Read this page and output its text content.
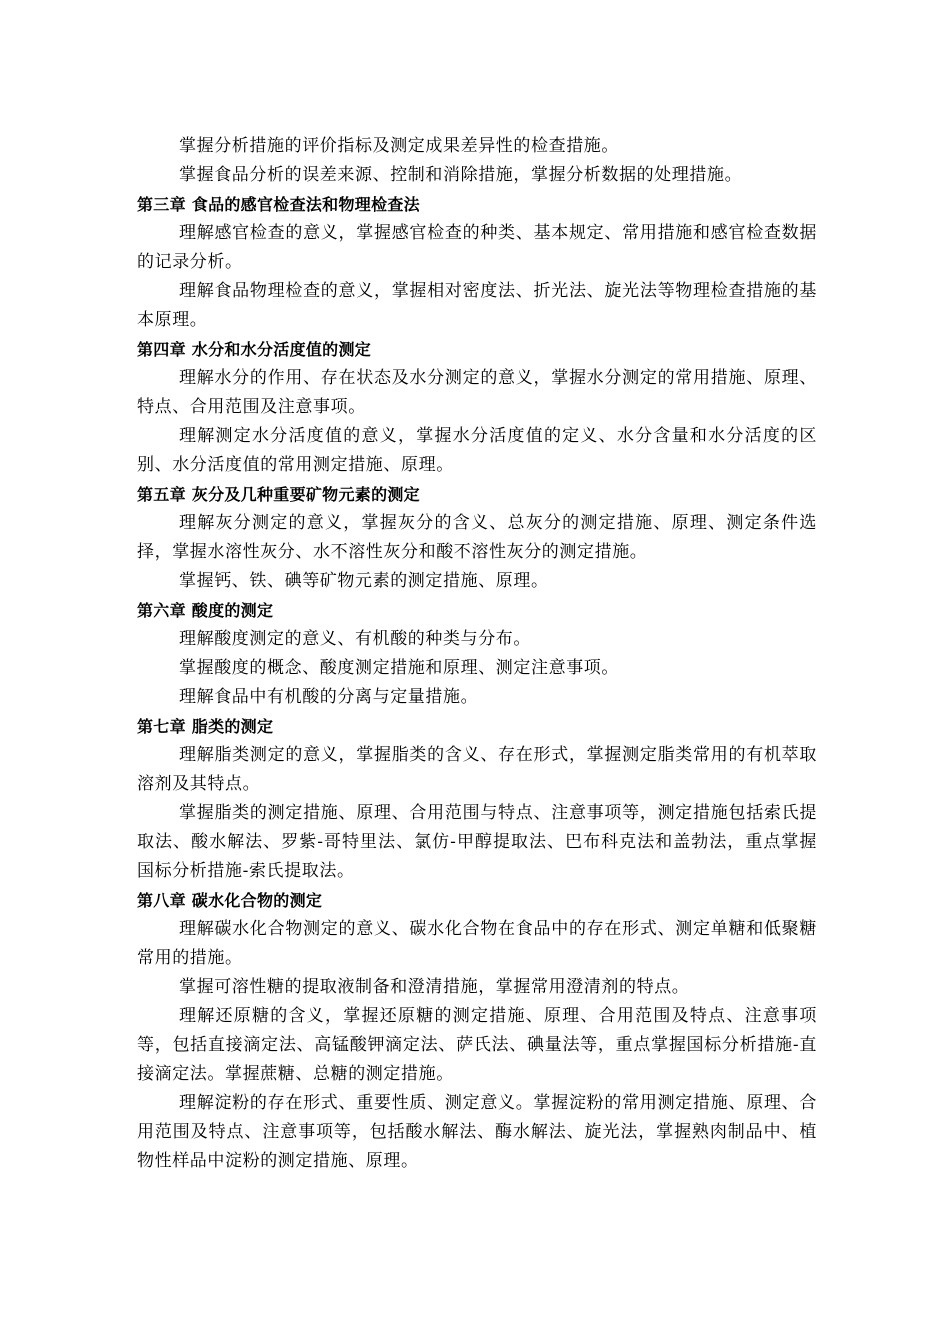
掌握分析措施的评价指标及测定成果差异性的检查措施。

掌握食品分析的误差来源、控制和消除措施，掌握分析数据的处理措施。

第三章 食品的感官检查法和物理检查法

理解感官检查的意义，掌握感官检查的种类、基本规定、常用措施和感官检查数据的记录分析。

理解食品物理检查的意义，掌握相对密度法、折光法、旋光法等物理检查措施的基本原理。

第四章 水分和水分活度值的测定

理解水分的作用、存在状态及水分测定的意义，掌握水分测定的常用措施、原理、特点、合用范围及注意事项。

理解测定水分活度值的意义，掌握水分活度值的定义、水分含量和水分活度的区别、水分活度值的常用测定措施、原理。

第五章 灰分及几种重要矿物元素的测定

理解灰分测定的意义，掌握灰分的含义、总灰分的测定措施、原理、测定条件选择，掌握水溶性灰分、水不溶性灰分和酸不溶性灰分的测定措施。

掌握钙、铁、碘等矿物元素的测定措施、原理。

第六章 酸度的测定

理解酸度测定的意义、有机酸的种类与分布。

掌握酸度的概念、酸度测定措施和原理、测定注意事项。

理解食品中有机酸的分离与定量措施。

第七章 脂类的测定

理解脂类测定的意义，掌握脂类的含义、存在形式，掌握测定脂类常用的有机萃取溶剂及其特点。

掌握脂类的测定措施、原理、合用范围与特点、注意事项等，测定措施包括索氏提取法、酸水解法、罗紫-哥特里法、氯仿-甲醇提取法、巴布科克法和盖勃法，重点掌握国标分析措施-索氏提取法。

第八章 碳水化合物的测定

理解碳水化合物测定的意义、碳水化合物在食品中的存在形式、测定单糖和低聚糖常用的措施。

掌握可溶性糖的提取液制备和澄清措施，掌握常用澄清剂的特点。

理解还原糖的含义，掌握还原糖的测定措施、原理、合用范围及特点、注意事项等，包括直接滴定法、高锰酸钾滴定法、萨氏法、碘量法等，重点掌握国标分析措施-直接滴定法。掌握蔗糖、总糖的测定措施。

理解淀粉的存在形式、重要性质、测定意义。掌握淀粉的常用测定措施、原理、合用范围及特点、注意事项等，包括酸水解法、酶水解法、旋光法，掌握熟肉制品中、植物性样品中淀粉的测定措施、原理。
